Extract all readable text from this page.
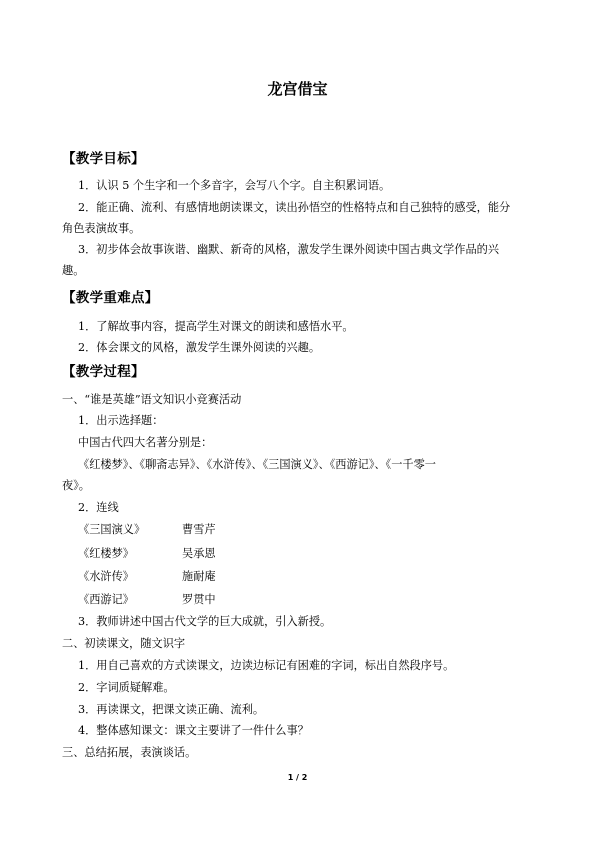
龙宫借宝
【教学目标】
1．认识 5 个生字和一个多音字，会写八个字。自主积累词语。
2．能正确、流利、有感情地朗读课文，读出孙悟空的性格特点和自己独特的感受，能分
角色表演故事。
3．初步体会故事诙谐、幽默、新奇的风格，激发学生课外阅读中国古典文学作品的兴
趣。
【教学重难点】
1．了解故事内容，提高学生对课文的朗读和感悟水平。
2．体会课文的风格，激发学生课外阅读的兴趣。
【教学过程】
一、“谁是英雄”语文知识小竞赛活动
1．出示选择题：
中国古代四大名著分别是：
《红楼梦》、《聊斋志异》、《水浒传》、《三国演义》、《西游记》、《一千零一
夜》。
2．连线
《三国演义》	曹雪芹
《红楼梦》	吴承恩
《水浒传》	施耐庵
《西游记》	罗贯中
3．教师讲述中国古代文学的巨大成就，引入新授。
二、初读课文，随文识字
1．用自己喜欢的方式读课文，边读边标记有困难的字词，标出自然段序号。
2．字词质疑解难。
3．再读课文，把课文读正确、流利。
4．整体感知课文：课文主要讲了一件什么事？
三、总结拓展，表演谈话。
1 / 2
